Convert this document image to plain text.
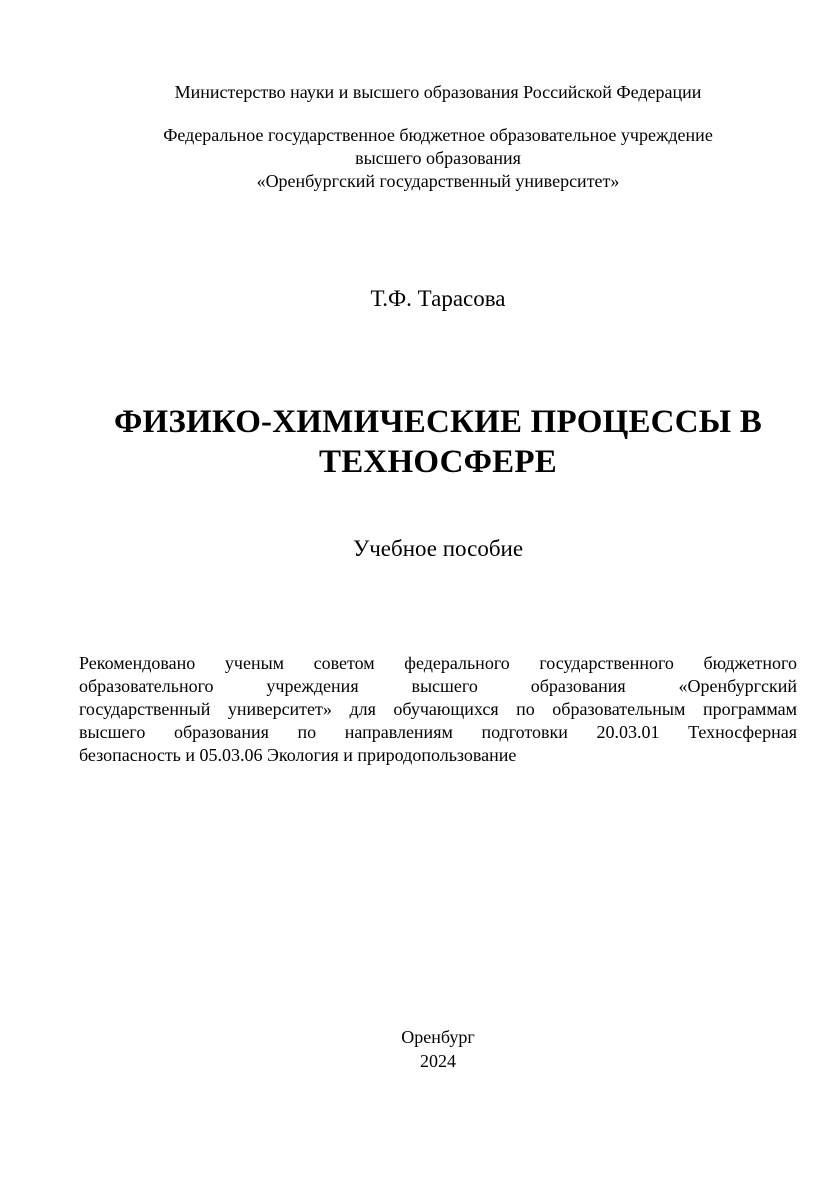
Министерство науки и высшего образования Российской Федерации
Федеральное государственное бюджетное образовательное учреждение
высшего образования
«Оренбургский государственный университет»
Т.Ф. Тарасова
ФИЗИКО-ХИМИЧЕСКИЕ ПРОЦЕССЫ В
ТЕХНОСФЕРЕ
Учебное пособие
Рекомендовано ученым советом федерального государственного бюджетного
образовательного учреждения высшего образования «Оренбургский
государственный университет» для обучающихся по образовательным программам
высшего образования по направлениям подготовки 20.03.01 Техносферная
безопасность и 05.03.06 Экология и природопользование
Оренбург
2024
